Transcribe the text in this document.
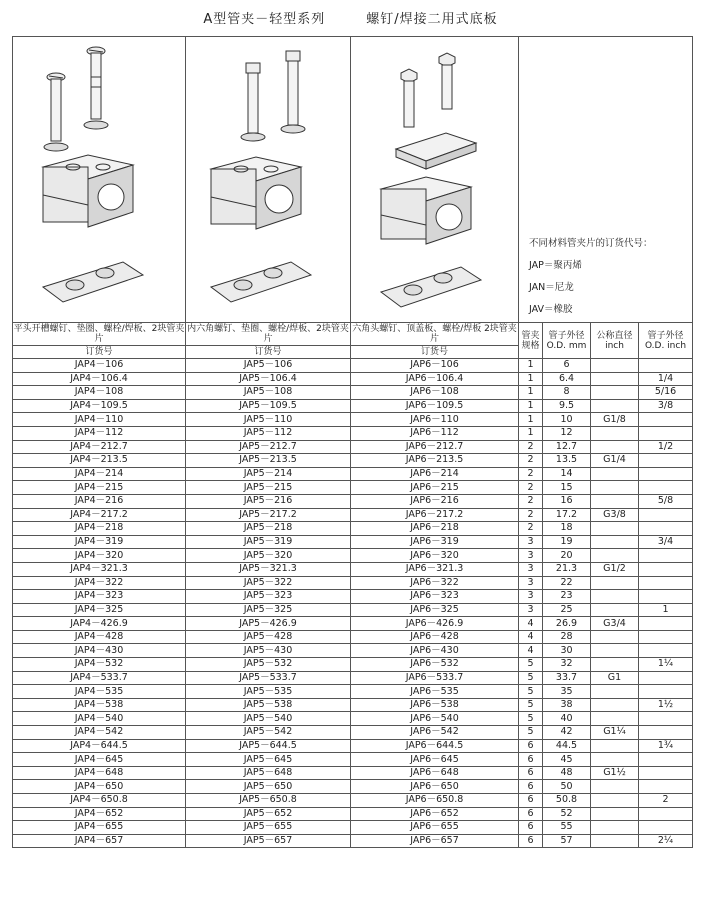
A型管夹－轻型系列        螺钉/焊接二用式底板

不同材料管夹片的订货代号：
JAP＝聚丙烯
JAN＝尼龙
JAV＝橡胶			

平头开槽螺钉、垫圈、螺栓/焊板、2块管夹片	内六角螺钉、垫圈、螺栓/焊板、2块管夹片	六角头螺钉、顶盖板、螺栓/焊板 2块管夹片	管夹规格	管子外径 O.D. mm	公称直径 inch	管子外径 O.D. inch
订货号	订货号	订货号				
JAP4－106	JAP5－106	JAP6－106	1	6		
JAP4－106.4	JAP5－106.4	JAP6－106.4	1	6.4		1/4
JAP4－108	JAP5－108	JAP6－108	1	8		5/16
JAP4－109.5	JAP5－109.5	JAP6－109.5	1	9.5		3/8
JAP4－110	JAP5－110	JAP6－110	1	10	G1/8	
JAP4－112	JAP5－112	JAP6－112	1	12		
JAP4－212.7	JAP5－212.7	JAP6－212.7	2	12.7		1/2
JAP4－213.5	JAP5－213.5	JAP6－213.5	2	13.5	G1/4	
JAP4－214	JAP5－214	JAP6－214	2	14		
JAP4－215	JAP5－215	JAP6－215	2	15		
JAP4－216	JAP5－216	JAP6－216	2	16		5/8
JAP4－217.2	JAP5－217.2	JAP6－217.2	2	17.2	G3/8	
JAP4－218	JAP5－218	JAP6－218	2	18		
JAP4－319	JAP5－319	JAP6－319	3	19		3/4
JAP4－320	JAP5－320	JAP6－320	3	20		
JAP4－321.3	JAP5－321.3	JAP6－321.3	3	21.3	G1/2	
JAP4－322	JAP5－322	JAP6－322	3	22		
JAP4－323	JAP5－323	JAP6－323	3	23		
JAP4－325	JAP5－325	JAP6－325	3	25		1
JAP4－426.9	JAP5－426.9	JAP6－426.9	4	26.9	G3/4	
JAP4－428	JAP5－428	JAP6－428	4	28		
JAP4－430	JAP5－430	JAP6－430	4	30		
JAP4－532	JAP5－532	JAP6－532	5	32		1¼
JAP4－533.7	JAP5－533.7	JAP6－533.7	5	33.7	G1	
JAP4－535	JAP5－535	JAP6－535	5	35		
JAP4－538	JAP5－538	JAP6－538	5	38		1½
JAP4－540	JAP5－540	JAP6－540	5	40		
JAP4－542	JAP5－542	JAP6－542	5	42	G1¼	
JAP4－644.5	JAP5－644.5	JAP6－644.5	6	44.5		1¾
JAP4－645	JAP5－645	JAP6－645	6	45		
JAP4－648	JAP5－648	JAP6－648	6	48	G1½	
JAP4－650	JAP5－650	JAP6－650	6	50		
JAP4－650.8	JAP5－650.8	JAP6－650.8	6	50.8		2
JAP4－652	JAP5－652	JAP6－652	6	52		
JAP4－655	JAP5－655	JAP6－655	6	55		
JAP4－657	JAP5－657	JAP6－657	6	57		2¼
